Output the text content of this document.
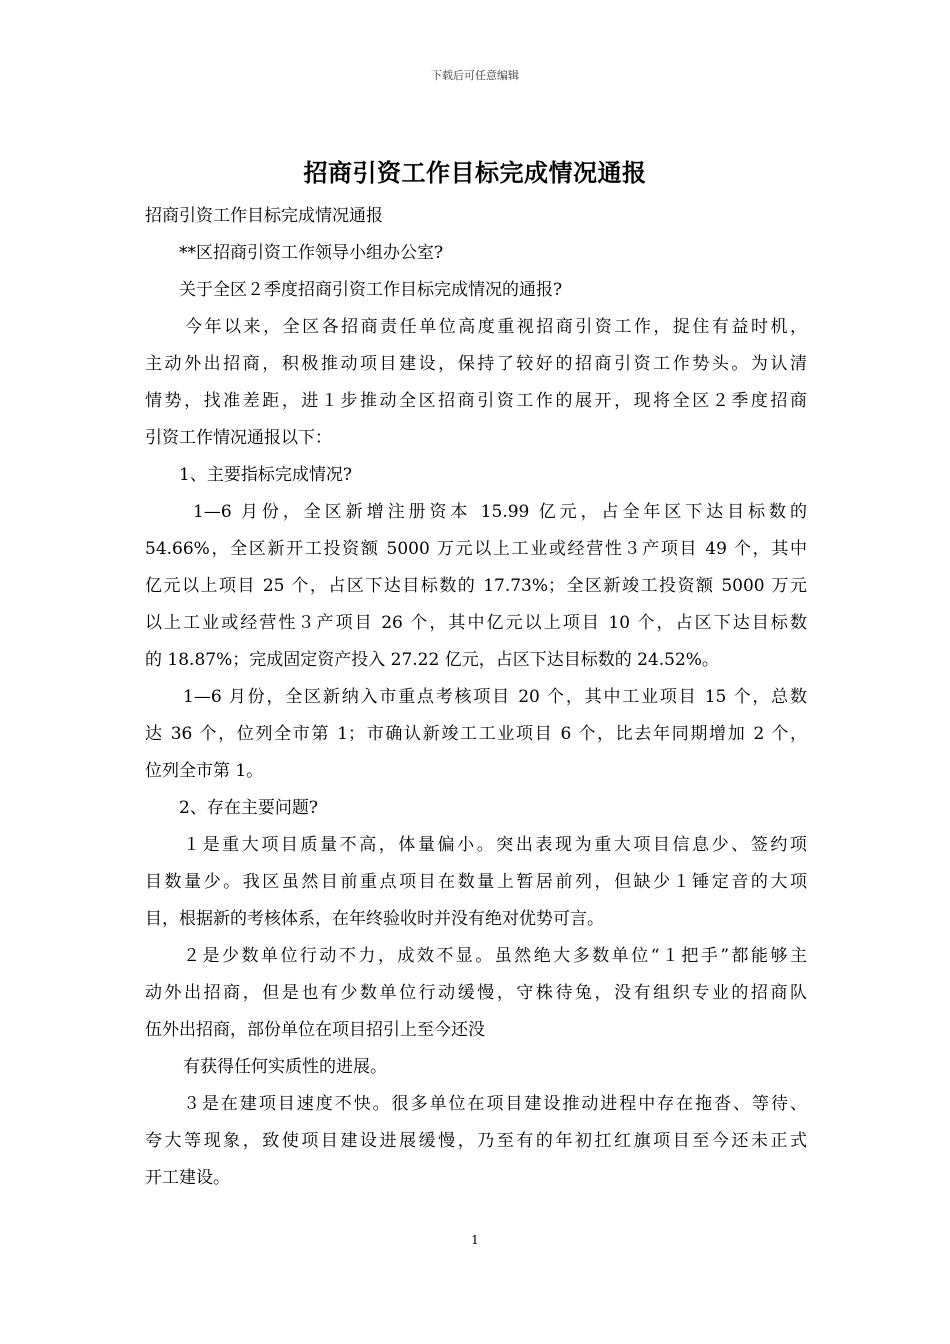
下载后可任意编辑
招商引资工作目标完成情况通报
招商引资工作目标完成情况通报
**区招商引资工作领导小组办公室?
关于全区２季度招商引资工作目标完成情况的通报?
今年以来，全区各招商责任单位高度重视招商引资工作，捉住有益时机，
主动外出招商，积极推动项目建设，保持了较好的招商引资工作势头。为认清
情势，找准差距，进１步推动全区招商引资工作的展开，现将全区２季度招商
引资工作情况通报以下：
1、主要指标完成情况?
1—6 月份，全区新增注册资本 15.99 亿元，占全年区下达目标数的
54.66%，全区新开工投资额 5000 万元以上工业或经营性３产项目 49 个，其中
亿元以上项目 25 个，占区下达目标数的 17.73%；全区新竣工投资额 5000 万元
以上工业或经营性３产项目 26 个，其中亿元以上项目 10 个，占区下达目标数
的 18.87%；完成固定资产投入 27.22 亿元，占区下达目标数的 24.52%。
1—6 月份，全区新纳入市重点考核项目 20 个，其中工业项目 15 个，总数
达 36 个，位列全市第 1；市确认新竣工工业项目 6 个，比去年同期增加 2 个，
位列全市第 1。
2、存在主要问题?
１是重大项目质量不高，体量偏小。突出表现为重大项目信息少、签约项
目数量少。我区虽然目前重点项目在数量上暂居前列，但缺少１锤定音的大项
目，根据新的考核体系，在年终验收时并没有绝对优势可言。
２是少数单位行动不力，成效不显。虽然绝大多数单位“１把手”都能够主
动外出招商，但是也有少数单位行动缓慢，守株待兔，没有组织专业的招商队
伍外出招商，部份单位在项目招引上至今还没
有获得任何实质性的进展。
３是在建项目速度不快。很多单位在项目建设推动进程中存在拖沓、等待、
夸大等现象，致使项目建设进展缓慢，乃至有的年初扛红旗项目至今还未正式
开工建设。
1
